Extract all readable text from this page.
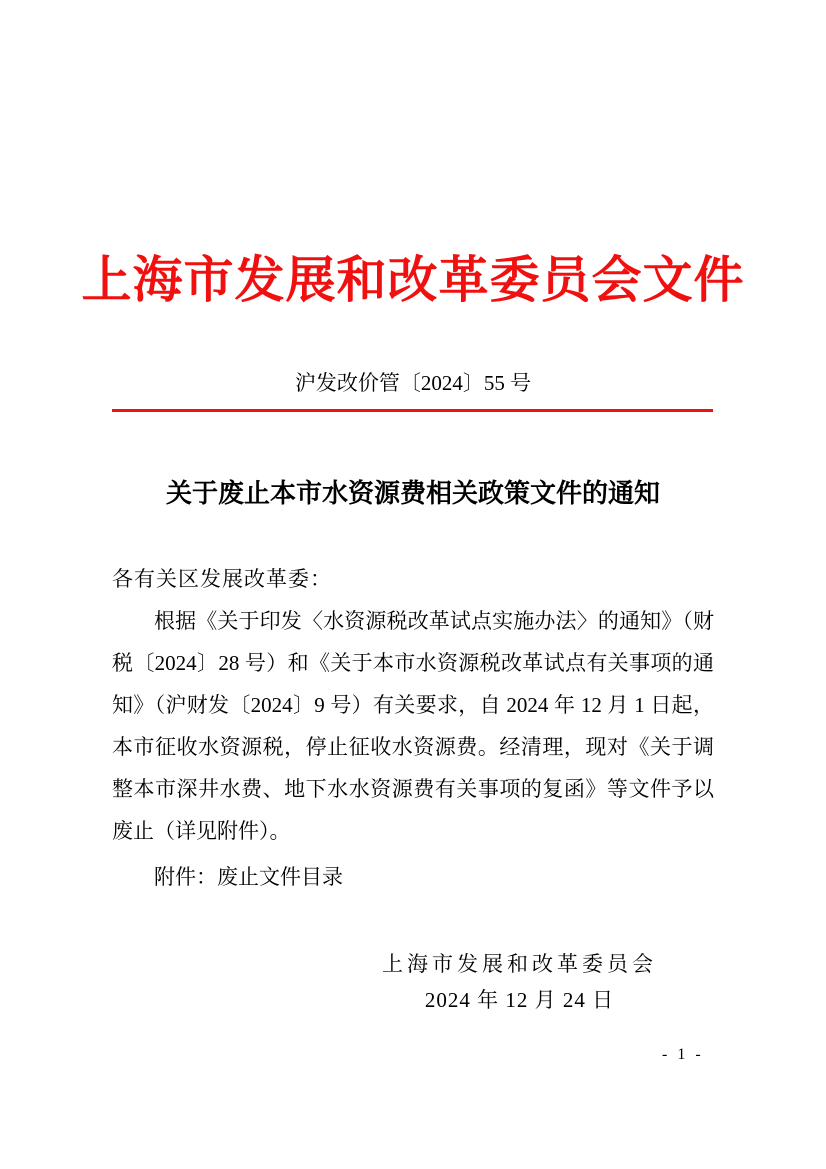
上海市发展和改革委员会文件
沪发改价管〔2024〕55 号
关于废止本市水资源费相关政策文件的通知
各有关区发展改革委：
根据《关于印发〈水资源税改革试点实施办法〉的通知》（财
税〔2024〕28 号）和《关于本市水资源税改革试点有关事项的通
知》（沪财发〔2024〕9 号）有关要求，自 2024 年 12 月 1 日起，
本市征收水资源税，停止征收水资源费。经清理，现对《关于调
整本市深井水费、地下水水资源费有关事项的复函》等文件予以
废止（详见附件）。
附件：废止文件目录
上海市发展和改革委员会
2024 年 12 月 24 日
- 1 -
